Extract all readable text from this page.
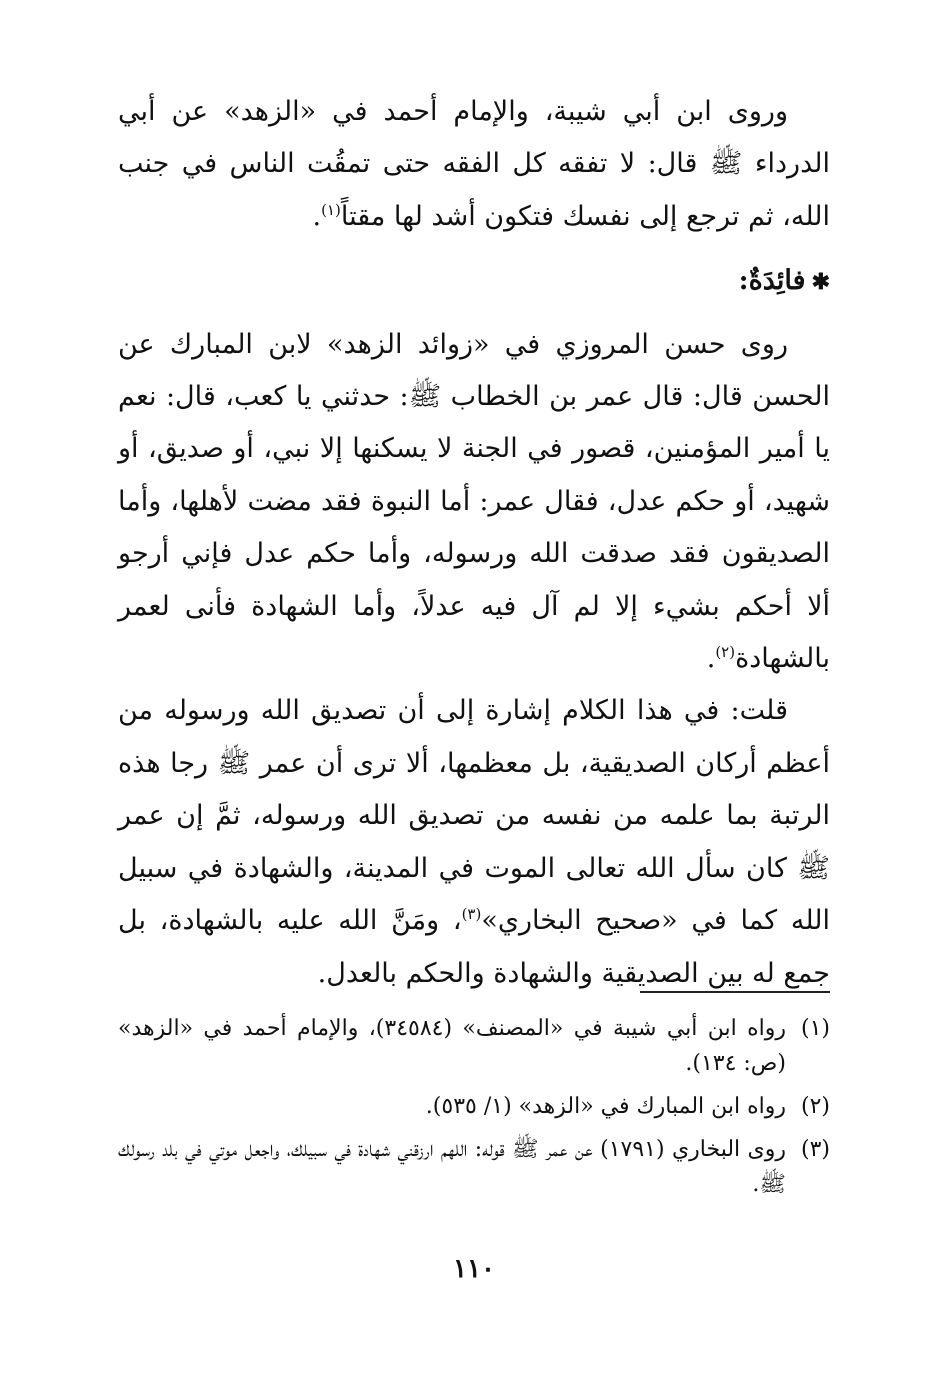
وروى ابن أبي شيبة، والإمام أحمد في «الزهد» عن أبي الدرداء ﷺ قال: لا تفقه كل الفقه حتى تمقُت الناس في جنب الله، ثم ترجع إلى نفسك فتكون أشد لها مقتاً$^{(١)}$.

✱فائِدَةٌ:

روى حسن المروزي في «زوائد الزهد» لابن المبارك عن الحسن قال: قال عمر بن الخطاب ﷺ: حدثني يا كعب، قال: نعم يا أمير المؤمنين، قصور في الجنة لا يسكنها إلا نبي، أو صديق، أو شهيد، أو حكم عدل، فقال عمر: أما النبوة فقد مضت لأهلها، وأما الصديقون فقد صدقت الله ورسوله، وأما حكم عدل فإني أرجو ألا أحكم بشيء إلا لم آل فيه عدلاً، وأما الشهادة فأنى لعمر بالشهادة$^{(٢)}$.

قلت: في هذا الكلام إشارة إلى أن تصديق الله ورسوله من أعظم أركان الصديقية، بل معظمها، ألا ترى أن عمر ﷺ رجا هذه الرتبة بما علمه من نفسه من تصديق الله ورسوله، ثمَّ إن عمر ﷺ كان سأل الله تعالى الموت في المدينة، والشهادة في سبيل الله كما في «صحيح البخاري»$^{(٣)}$، ومَنَّ الله عليه بالشهادة، بل جمع له بين الصديقية والشهادة والحكم بالعدل.

(١)
رواه ابن أبي شيبة في «المصنف» (٣٤٥٨٤)، والإمام أحمد في «الزهد» (ص: ١٣٤).
(٢)
رواه ابن المبارك في «الزهد» (١/ ٥٣٥).
(٣)
روى البخاري (١٧٩١) عن عمر ﷺ قوله: اللهم ارزقني شهادة في سبيلك، واجعل موتي في بلد رسولك ﷺ.
١١٠
